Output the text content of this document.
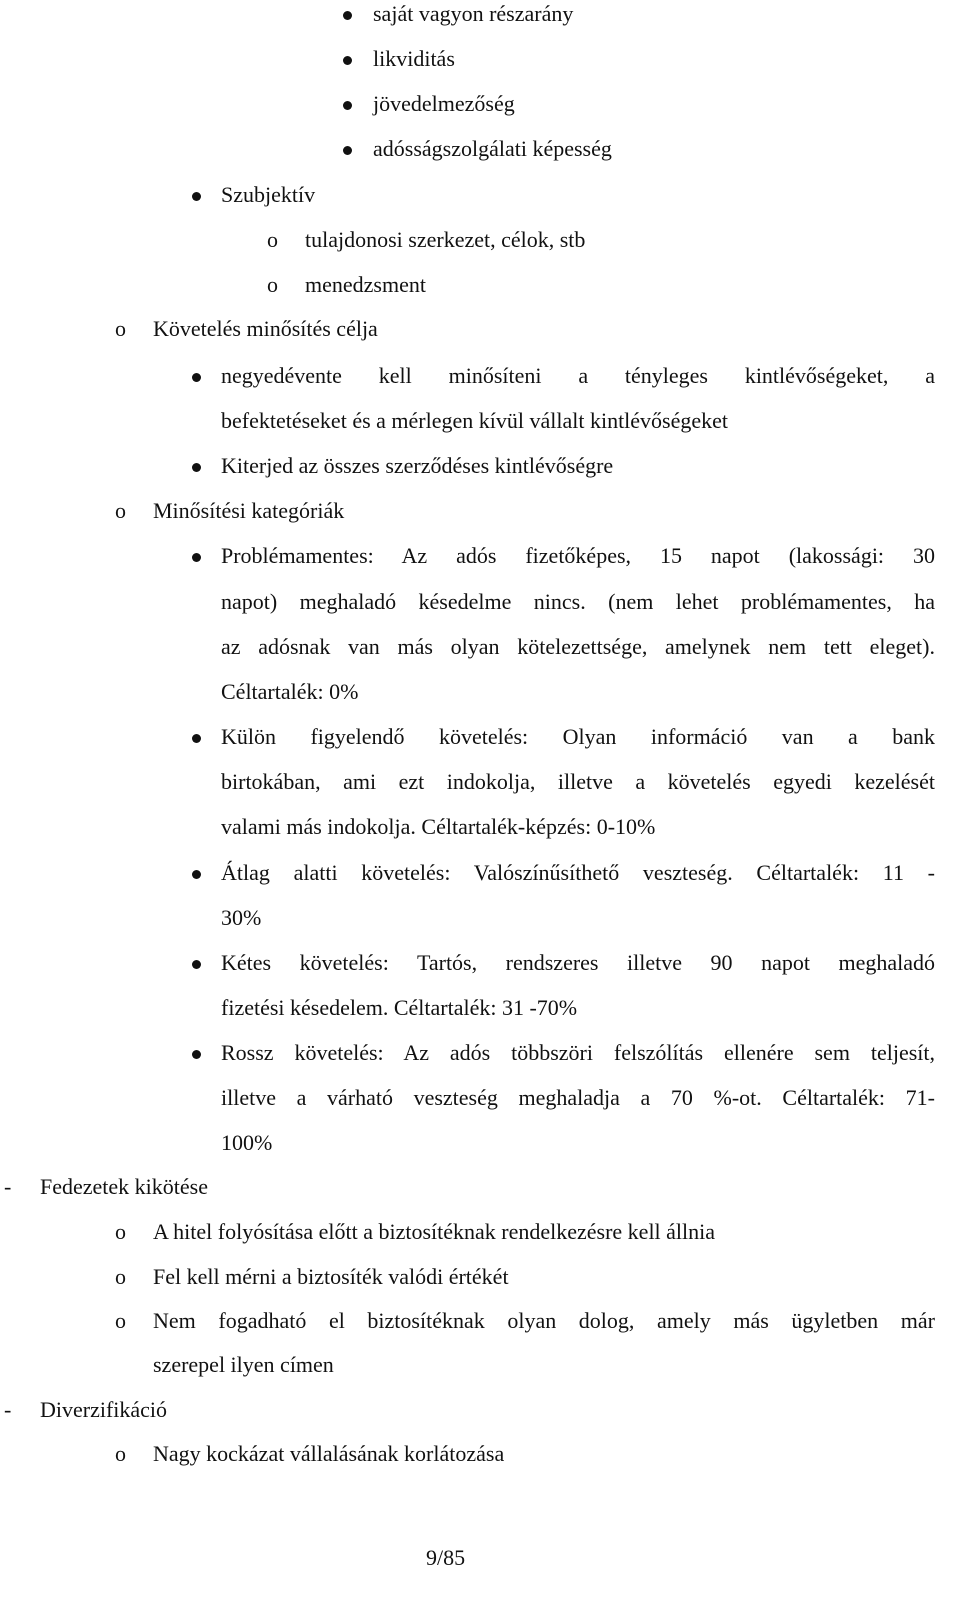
saját vagyon részarány
likviditás
jövedelmezőség
adósságszolgálati képesség
Szubjektív
o tulajdonosi szerkezet, célok, stb
o menedzsment
o Követelés minősítés célja
negyedévente kell minősíteni a tényleges kintlévőségeket, a
befektetéseket és a mérlegen kívül vállalt kintlévőségeket
Kiterjed az összes szerződéses kintlévőségre
o Minősítési kategóriák
Problémamentes: Az adós fizetőképes, 15 napot (lakossági: 30
napot) meghaladó késedelme nincs. (nem lehet problémamentes, ha
az adósnak van más olyan kötelezettsége, amelynek nem tett eleget).
Céltartalék: 0%
Külön figyelendő követelés: Olyan információ van a bank
birtokában, ami ezt indokolja, illetve a követelés egyedi kezelését
valami más indokolja. Céltartalék-képzés: 0-10%
Átlag alatti követelés: Valószínűsíthető veszteség. Céltartalék: 11 -
30%
Kétes követelés: Tartós, rendszeres illetve 90 napot meghaladó
fizetési késedelem. Céltartalék: 31 -70%
Rossz követelés: Az adós többszöri felszólítás ellenére sem teljesít,
illetve a várható veszteség meghaladja a 70 %-ot. Céltartalék: 71-
100%
- Fedezetek kikötése
o A hitel folyósítása előtt a biztosítéknak rendelkezésre kell állnia
o Fel kell mérni a biztosíték valódi értékét
o Nem fogadható el biztosítéknak olyan dolog, amely más ügyletben már
szerepel ilyen címen
- Diverzifikáció
o Nagy kockázat vállalásának korlátozása
9/85
